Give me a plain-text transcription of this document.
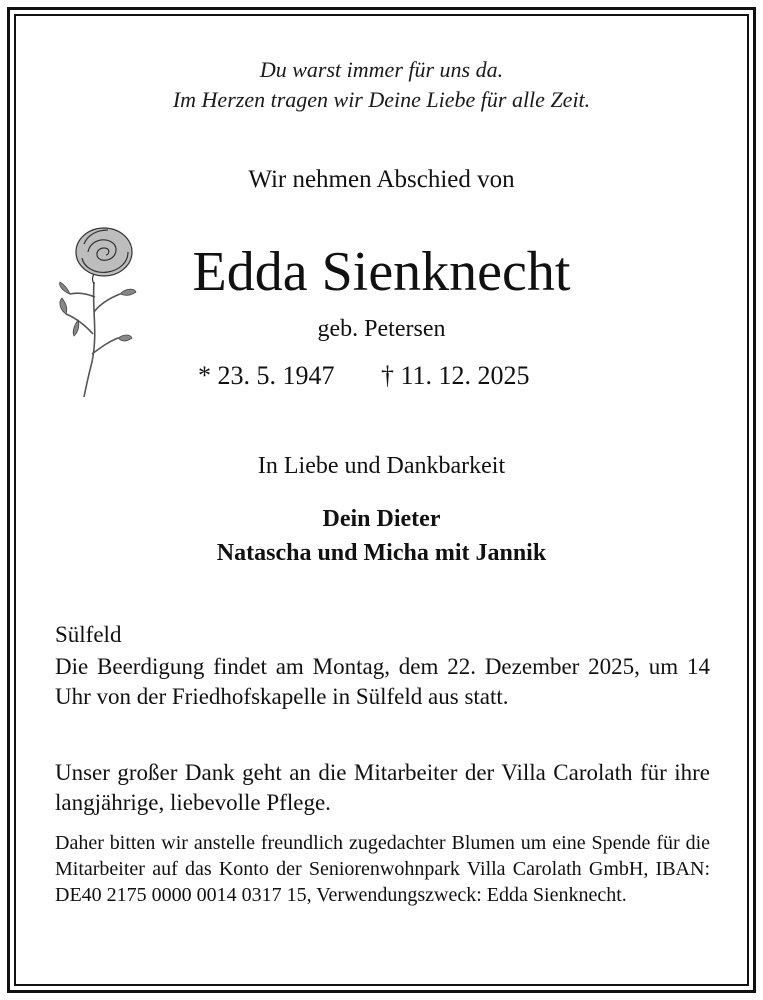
Du warst immer für uns da.
Im Herzen tragen wir Deine Liebe für alle Zeit.
Wir nehmen Abschied von
Edda Sienknecht
geb. Petersen
* 23. 5. 1947 † 11. 12. 2025
In Liebe und Dankbarkeit
Dein Dieter
Natascha und Micha mit Jannik
Sülfeld
Die Beerdigung findet am Montag, dem 22. Dezember 2025, um 14 Uhr von der Friedhofskapelle in Sülfeld aus statt.
Unser großer Dank geht an die Mitarbeiter der Villa Carolath für ihre langjährige, liebevolle Pflege.
Daher bitten wir anstelle freundlich zugedachter Blumen um eine Spende für die Mitarbeiter auf das Konto der Seniorenwohnpark Villa Carolath GmbH, IBAN: DE40 2175 0000 0014 0317 15, Verwendungszweck: Edda Sienknecht.
